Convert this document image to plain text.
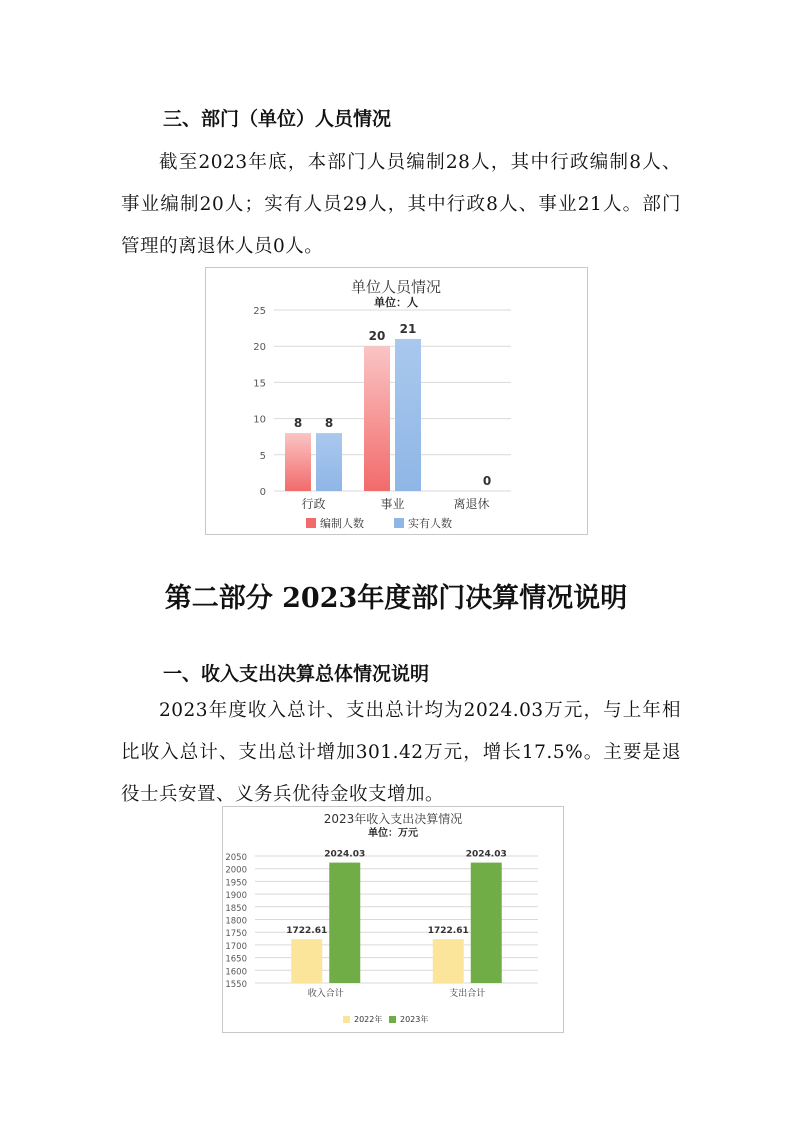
三、部门（单位）人员情况
截至2023年底，本部门人员编制28人，其中行政编制8人、事业编制20人；实有人员29人，其中行政8人、事业21人。部门管理的离退休人员0人。
单位人员情况
单位：人
0
5
10
15
20
25
8 8
行政
20
21
事业
0
离退休
编制人数	实有人数
第二部分 2023年度部门决算情况说明
一、收入支出决算总体情况说明
2023年度收入总计、支出总计均为2024.03万元，与上年相比收入总计、支出总计增加301.42万元，增长17.5%。主要是退役士兵安置、义务兵优待金收支增加。
2023年收入支出决算情况
单位：万元
1550
1600
1650
1700
1750
1800
1850
1900
1950
2000
2050
1722.61
2024.03
收入合计
1722.61
2024.03
支出合计
2022年 2023年
